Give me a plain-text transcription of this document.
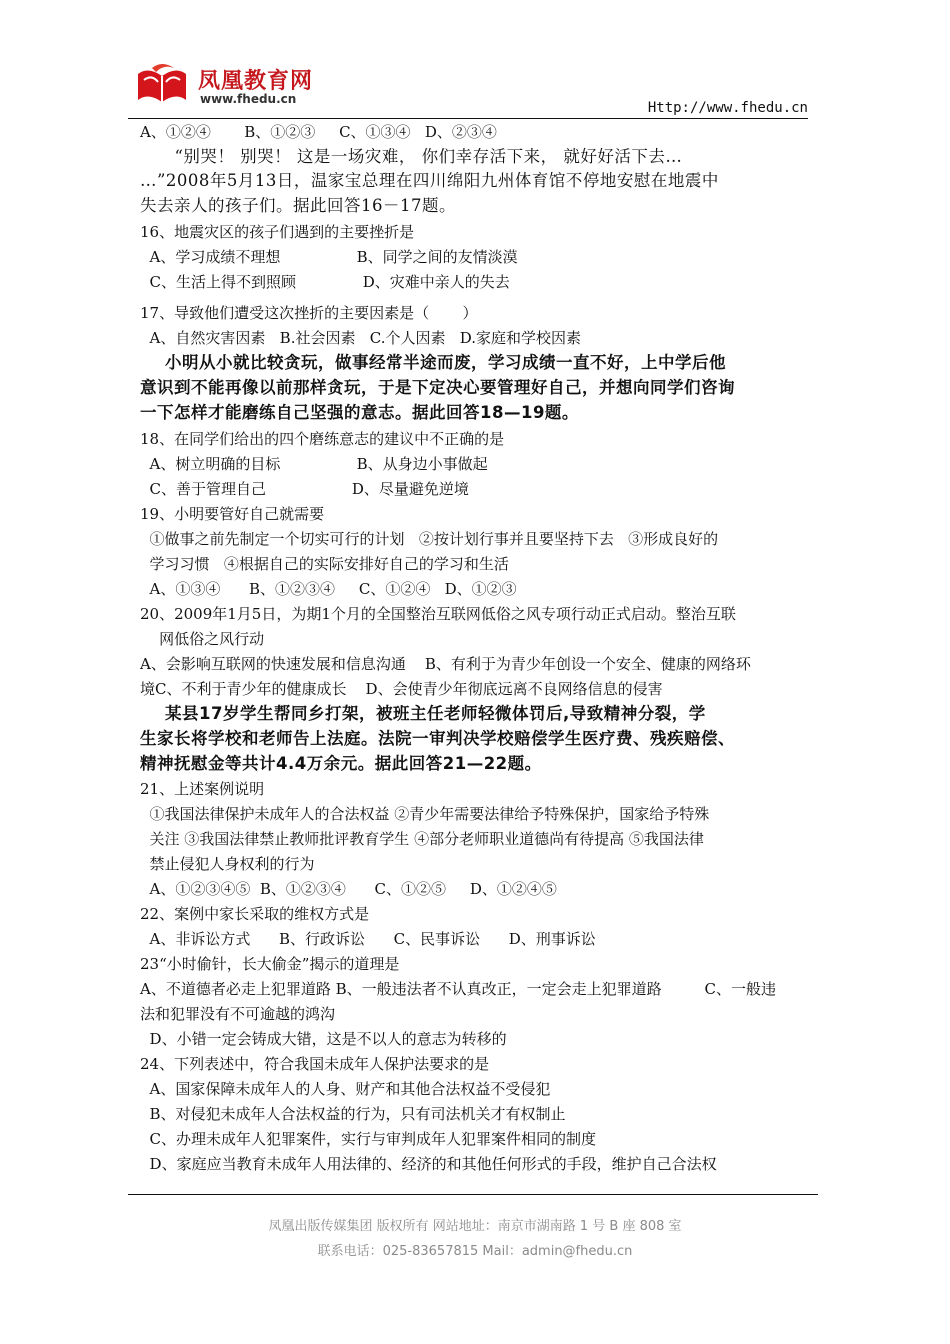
凤凰教育网
www.fhedu.cn
Http://www.fhedu.cn
A、①②④       B、①②③     C、①③④   D、②③④
“别哭！ 别哭！ 这是一场灾难， 你们幸存活下来， 就好好活下去…
…”2008年5月13日，温家宝总理在四川绵阳九州体育馆不停地安慰在地震中
失去亲人的孩子们。据此回答16－17题。
16、地震灾区的孩子们遇到的主要挫折是
A、学习成绩不理想                B、同学之间的友情淡漠
C、生活上得不到照顾              D、灾难中亲人的失去
17、导致他们遭受这次挫折的主要因素是（       ）
A、自然灾害因素   B.社会因素   C.个人因素   D.家庭和学校因素
小明从小就比较贪玩，做事经常半途而废，学习成绩一直不好，上中学后他
意识到不能再像以前那样贪玩，于是下定决心要管理好自己，并想向同学们咨询
一下怎样才能磨练自己坚强的意志。据此回答18—19题。
18、在同学们给出的四个磨练意志的建议中不正确的是
A、树立明确的目标                B、从身边小事做起
C、善于管理自己                  D、尽量避免逆境
19、小明要管好自己就需要
①做事之前先制定一个切实可行的计划   ②按计划行事并且要坚持下去   ③形成良好的
学习习惯   ④根据自己的实际安排好自己的学习和生活
A、①③④      B、①②③④     C、①②④   D、①②③
20、2009年1月5日，为期1个月的全国整治互联网低俗之风专项行动正式启动。整治互联
网低俗之风行动
A、会影响互联网的快速发展和信息沟通    B、有利于为青少年创设一个安全、健康的网络环
境C、不利于青少年的健康成长    D、会使青少年彻底远离不良网络信息的侵害
某县17岁学生帮同乡打架，被班主任老师轻微体罚后,导致精神分裂，学
生家长将学校和老师告上法庭。法院一审判决学校赔偿学生医疗费、残疾赔偿、
精神抚慰金等共计4.4万余元。据此回答21—22题。
21、上述案例说明
①我国法律保护未成年人的合法权益 ②青少年需要法律给予特殊保护，国家给予特殊
关注 ③我国法律禁止教师批评教育学生 ④部分老师职业道德尚有待提高 ⑤我国法律
禁止侵犯人身权利的行为
A、①②③④⑤  B、①②③④      C、①②⑤     D、①②④⑤
22、案例中家长采取的维权方式是
A、非诉讼方式      B、行政诉讼      C、民事诉讼      D、刑事诉讼
23“小时偷针，长大偷金”揭示的道理是
A、不道德者必走上犯罪道路 B、一般违法者不认真改正，一定会走上犯罪道路         C、一般违
法和犯罪没有不可逾越的鸿沟
D、小错一定会铸成大错，这是不以人的意志为转移的
24、下列表述中，符合我国未成年人保护法要求的是
A、国家保障未成年人的人身、财产和其他合法权益不受侵犯
B、对侵犯未成年人合法权益的行为，只有司法机关才有权制止
C、办理未成年人犯罪案件，实行与审判成年人犯罪案件相同的制度
D、家庭应当教育未成年人用法律的、经济的和其他任何形式的手段，维护自己合法权
凤凰出版传媒集团 版权所有 网站地址：南京市湖南路 1 号 B 座 808 室
联系电话：025-83657815 Mail：admin@fhedu.cn
